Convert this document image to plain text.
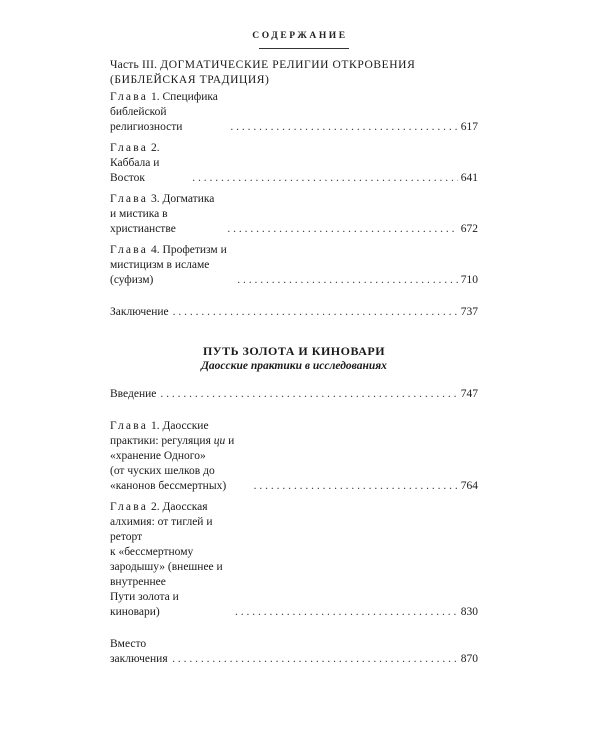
СОДЕРЖАНИЕ
Часть III. ДОГМАТИЧЕСКИЕ РЕЛИГИИ ОТКРОВЕНИЯ
(БИБЛЕЙСКАЯ ТРАДИЦИЯ)
Глава 1. Специфика библейской религиозности . . .	617
Глава 2. Каббала и Восток . . .	641
Глава 3. Догматика и мистика в христианстве . . .	672
Глава 4. Профетизм и мистицизм в исламе (суфизм) . . .	710
Заключение . . .	737
ПУТЬ ЗОЛОТА И КИНОВАРИ
Даосские практики в исследованиях
Введение . . .	747
Глава 1. Даосские практики: регуляция ци и «хранение Одного»
(от чуских шелков до «канонов бессмертных) . . .	764
Глава 2. Даосская алхимия: от тиглей и реторт
к «бессмертному зародышу» (внешнее и внутреннее
Пути золота и киновари) . . .	830
Вместо заключения . . .	870
